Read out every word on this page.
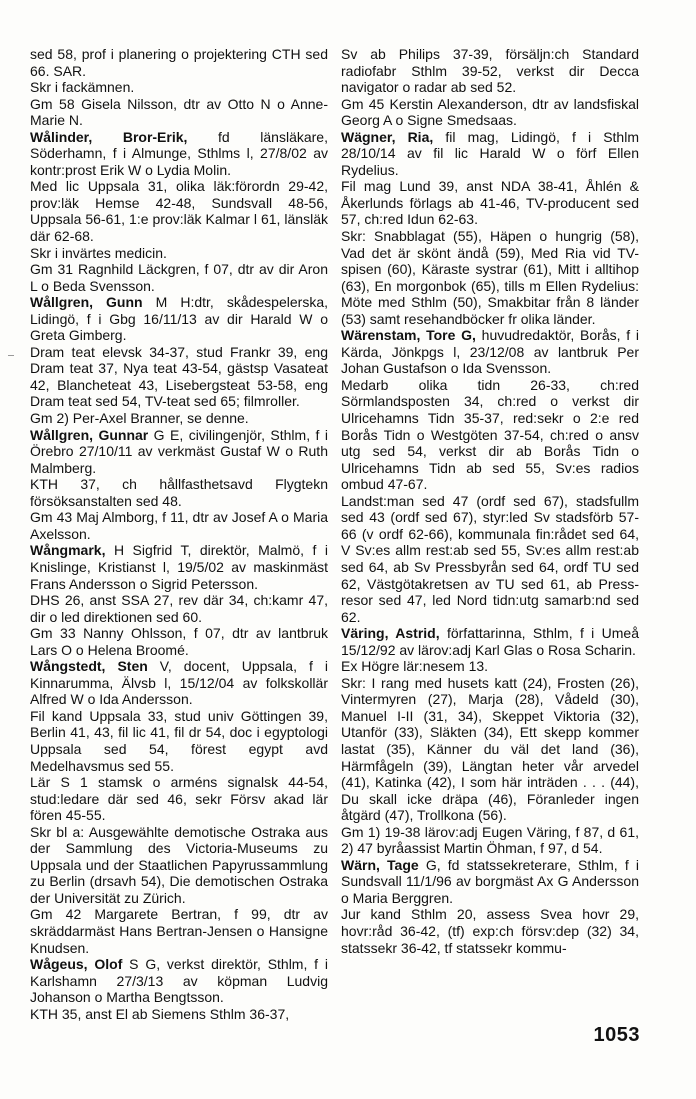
sed 58, prof i planering o projektering CTH sed 66. SAR.

Skr i fackämnen.

Gm 58 Gisela Nilsson, dtr av Otto N o Anne-Marie N.

Wålinder, Bror-Erik, fd länsläkare, Söderhamn, f i Almunge, Sthlms l, 27/8/02 av kontr:prost Erik W o Lydia Molin.

Med lic Uppsala 31, olika läk:förordn 29-42, prov:läk Hemse 42-48, Sundsvall 48-56, Uppsala 56-61, 1:e prov:läk Kalmar l 61, länsläk där 62-68.

Skr i invärtes medicin.

Gm 31 Ragnhild Läckgren, f 07, dtr av dir Aron L o Beda Svensson.

Wållgren, Gunn M H:dtr, skådespelerska, Lidingö, f i Gbg 16/11/13 av dir Harald W o Greta Gimberg.

Dram teat elevsk 34-37, stud Frankr 39, eng Dram teat 37, Nya teat 43-54, gästsp Vasateat 42, Blancheteat 43, Lisebergsteat 53-58, eng Dram teat sed 54, TV-teat sed 65; filmroller.

Gm 2) Per-Axel Branner, se denne.

Wållgren, Gunnar G E, civilingenjör, Sthlm, f i Örebro 27/10/11 av verkmäst Gustaf W o Ruth Malmberg.

KTH 37, ch hållfasthetsavd Flygtekn försöksanstalten sed 48.

Gm 43 Maj Almborg, f 11, dtr av Josef A o Maria Axelsson.

Wångmark, H Sigfrid T, direktör, Malmö, f i Knislinge, Kristianst l, 19/5/02 av maskinmäst Frans Andersson o Sigrid Petersson.

DHS 26, anst SSA 27, rev där 34, ch:kamr 47, dir o led direktionen sed 60.

Gm 33 Nanny Ohlsson, f 07, dtr av lantbruk Lars O o Helena Broomé.

Wångstedt, Sten V, docent, Uppsala, f i Kinnarumma, Älvsb l, 15/12/04 av folkskollär Alfred W o Ida Andersson.

Fil kand Uppsala 33, stud univ Göttingen 39, Berlin 41, 43, fil lic 41, fil dr 54, doc i egyptologi Uppsala sed 54, förest egypt avd Medelhavsmus sed 55.

Lär S 1 stamsk o arméns signalsk 44-54, stud:ledare där sed 46, sekr Försv akad lär fören 45-55.

Skr bl a: Ausgewählte demotische Ostraka aus der Sammlung des Victoria-Museums zu Uppsala und der Staatlichen Papyrussammlung zu Berlin (drsavh 54), Die demotischen Ostraka der Universität zu Zürich.

Gm 42 Margarete Bertran, f 99, dtr av skräddarmäst Hans Bertran-Jensen o Hansigne Knudsen.

Wågeus, Olof S G, verkst direktör, Sthlm, f i Karlshamn 27/3/13 av köpman Ludvig Johanson o Martha Bengtsson.

KTH 35, anst El ab Siemens Sthlm 36-37,

Sv ab Philips 37-39, försäljn:ch Standard radiofabr Sthlm 39-52, verkst dir Decca navigator o radar ab sed 52.

Gm 45 Kerstin Alexanderson, dtr av landsfiskal Georg A o Signe Smedsaas.

Wägner, Ria, fil mag, Lidingö, f i Sthlm 28/10/14 av fil lic Harald W o förf Ellen Rydelius.

Fil mag Lund 39, anst NDA 38-41, Åhlén & Åkerlunds förlags ab 41-46, TV-producent sed 57, ch:red Idun 62-63.

Skr: Snabblagat (55), Häpen o hungrig (58), Vad det är skönt ändå (59), Med Ria vid TV-spisen (60), Käraste systrar (61), Mitt i alltihop (63), En morgonbok (65), tills m Ellen Rydelius: Möte med Sthlm (50), Smakbitar från 8 länder (53) samt resehandböcker fr olika länder.

Wärenstam, Tore G, huvudredaktör, Borås, f i Kärda, Jönkpgs l, 23/12/08 av lantbruk Per Johan Gustafson o Ida Svensson.

Medarb olika tidn 26-33, ch:red Sörmlandsposten 34, ch:red o verkst dir Ulricehamns Tidn 35-37, red:sekr o 2:e red Borås Tidn o Westgöten 37-54, ch:red o ansv utg sed 54, verkst dir ab Borås Tidn o Ulricehamns Tidn ab sed 55, Sv:es radios ombud 47-67.

Landst:man sed 47 (ordf sed 67), stadsfullm sed 43 (ordf sed 67), styr:led Sv stadsförb 57-66 (v ordf 62-66), kommunala fin:rådet sed 64, V Sv:es allm rest:ab sed 55, Sv:es allm rest:ab sed 64, ab Sv Pressbyrån sed 64, ordf TU sed 62, Västgötakretsen av TU sed 61, ab Press-resor sed 47, led Nord tidn:utg samarb:nd sed 62.

Väring, Astrid, författarinna, Sthlm, f i Umeå 15/12/92 av lärov:adj Karl Glas o Rosa Scharin.

Ex Högre lär:nesem 13.

Skr: I rang med husets katt (24), Frosten (26), Vintermyren (27), Marja (28), Vådeld (30), Manuel I-II (31, 34), Skeppet Viktoria (32), Utanför (33), Släkten (34), Ett skepp kommer lastat (35), Känner du väl det land (36), Härmfågeln (39), Längtan heter vår arvedel (41), Katinka (42), I som här inträden . . . (44), Du skall icke dräpa (46), Föranleder ingen åtgärd (47), Trollkona (56).

Gm 1) 19-38 lärov:adj Eugen Väring, f 87, d 61, 2) 47 byråassist Martin Öhman, f 97, d 54.

Wärn, Tage G, fd statssekreterare, Sthlm, f i Sundsvall 11/1/96 av borgmäst Ax G Andersson o Maria Berggren.

Jur kand Sthlm 20, assess Svea hovr 29, hovr:råd 36-42, (tf) exp:ch försv:dep (32) 34, statssekr 36-42, tf statssekr kommu-

1053
